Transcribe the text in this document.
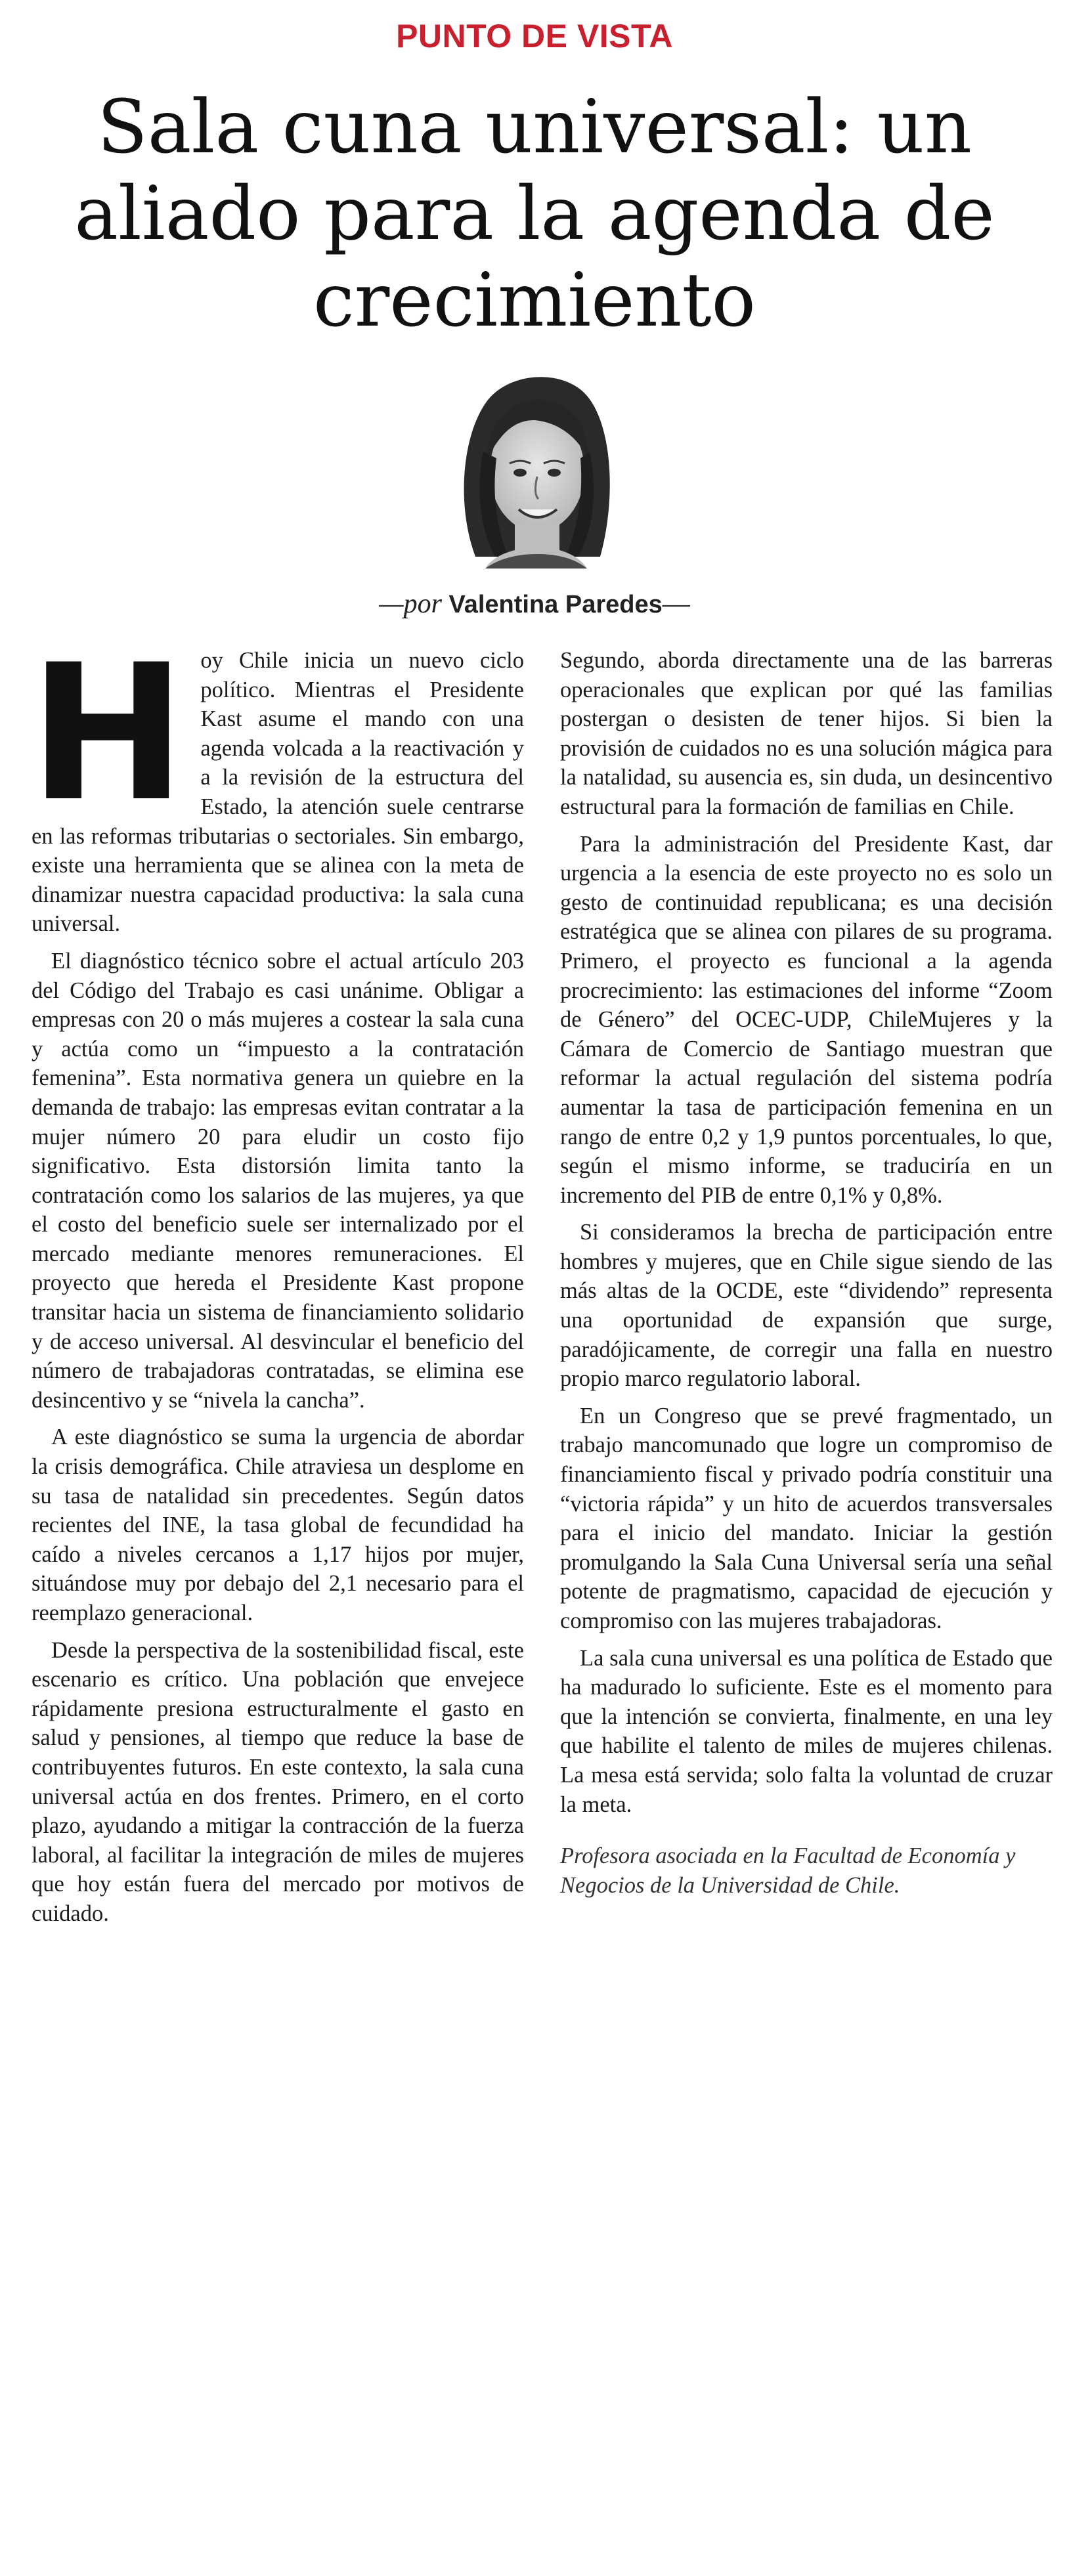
PUNTO DE VISTA
Sala cuna universal: un aliado para la agenda de crecimiento
—por Valentina Paredes—

Hoy Chile inicia un nuevo ciclo político. Mientras el Presidente Kast asume el mando con una agenda volcada a la reactivación y a la revisión de la estructura del Estado, la atención suele centrarse en las reformas tributarias o sectoriales. Sin embargo, existe una herramienta que se alinea con la meta de dinamizar nuestra capacidad productiva: la sala cuna universal.

El diagnóstico técnico sobre el actual artículo 203 del Código del Trabajo es casi unánime. Obligar a empresas con 20 o más mujeres a costear la sala cuna y actúa como un “impuesto a la contratación femenina”. Esta normativa genera un quiebre en la demanda de trabajo: las empresas evitan contratar a la mujer número 20 para eludir un costo fijo significativo. Esta distorsión limita tanto la contratación como los salarios de las mujeres, ya que el costo del beneficio suele ser internalizado por el mercado mediante menores remuneraciones. El proyecto que hereda el Presidente Kast propone transitar hacia un sistema de financiamiento solidario y de acceso universal. Al desvincular el beneficio del número de trabajadoras contratadas, se elimina ese desincentivo y se “nivela la cancha”.

A este diagnóstico se suma la urgencia de abordar la crisis demográfica. Chile atraviesa un desplome en su tasa de natalidad sin precedentes. Según datos recientes del INE, la tasa global de fecundidad ha caído a niveles cercanos a 1,17 hijos por mujer, situándose muy por debajo del 2,1 necesario para el reemplazo generacional.

Desde la perspectiva de la sostenibilidad fiscal, este escenario es crítico. Una población que envejece rápidamente presiona estructuralmente el gasto en salud y pensiones, al tiempo que reduce la base de contribuyentes futuros. En este contexto, la sala cuna universal actúa en dos frentes. Primero, en el corto plazo, ayudando a mitigar la contracción de la fuerza laboral, al facilitar la integración de miles de mujeres que hoy están fuera del mercado por motivos de cuidado.

Segundo, aborda directamente una de las barreras operacionales que explican por qué las familias postergan o desisten de tener hijos. Si bien la provisión de cuidados no es una solución mágica para la natalidad, su ausencia es, sin duda, un desincentivo estructural para la formación de familias en Chile.

Para la administración del Presidente Kast, dar urgencia a la esencia de este proyecto no es solo un gesto de continuidad republicana; es una decisión estratégica que se alinea con pilares de su programa. Primero, el proyecto es funcional a la agenda procrecimiento: las estimaciones del informe “Zoom de Género” del OCEC-UDP, ChileMujeres y la Cámara de Comercio de Santiago muestran que reformar la actual regulación del sistema podría aumentar la tasa de participación femenina en un rango de entre 0,2 y 1,9 puntos porcentuales, lo que, según el mismo informe, se traduciría en un incremento del PIB de entre 0,1% y 0,8%.

Si consideramos la brecha de participación entre hombres y mujeres, que en Chile sigue siendo de las más altas de la OCDE, este “dividendo” representa una oportunidad de expansión que surge, paradójicamente, de corregir una falla en nuestro propio marco regulatorio laboral.

En un Congreso que se prevé fragmentado, un trabajo mancomunado que logre un compromiso de financiamiento fiscal y privado podría constituir una “victoria rápida” y un hito de acuerdos transversales para el inicio del mandato. Iniciar la gestión promulgando la Sala Cuna Universal sería una señal potente de pragmatismo, capacidad de ejecución y compromiso con las mujeres trabajadoras.

La sala cuna universal es una política de Estado que ha madurado lo suficiente. Este es el momento para que la intención se convierta, finalmente, en una ley que habilite el talento de miles de mujeres chilenas. La mesa está servida; solo falta la voluntad de cruzar la meta.

Profesora asociada en la Facultad de Economía y Negocios de la Universidad de Chile.
